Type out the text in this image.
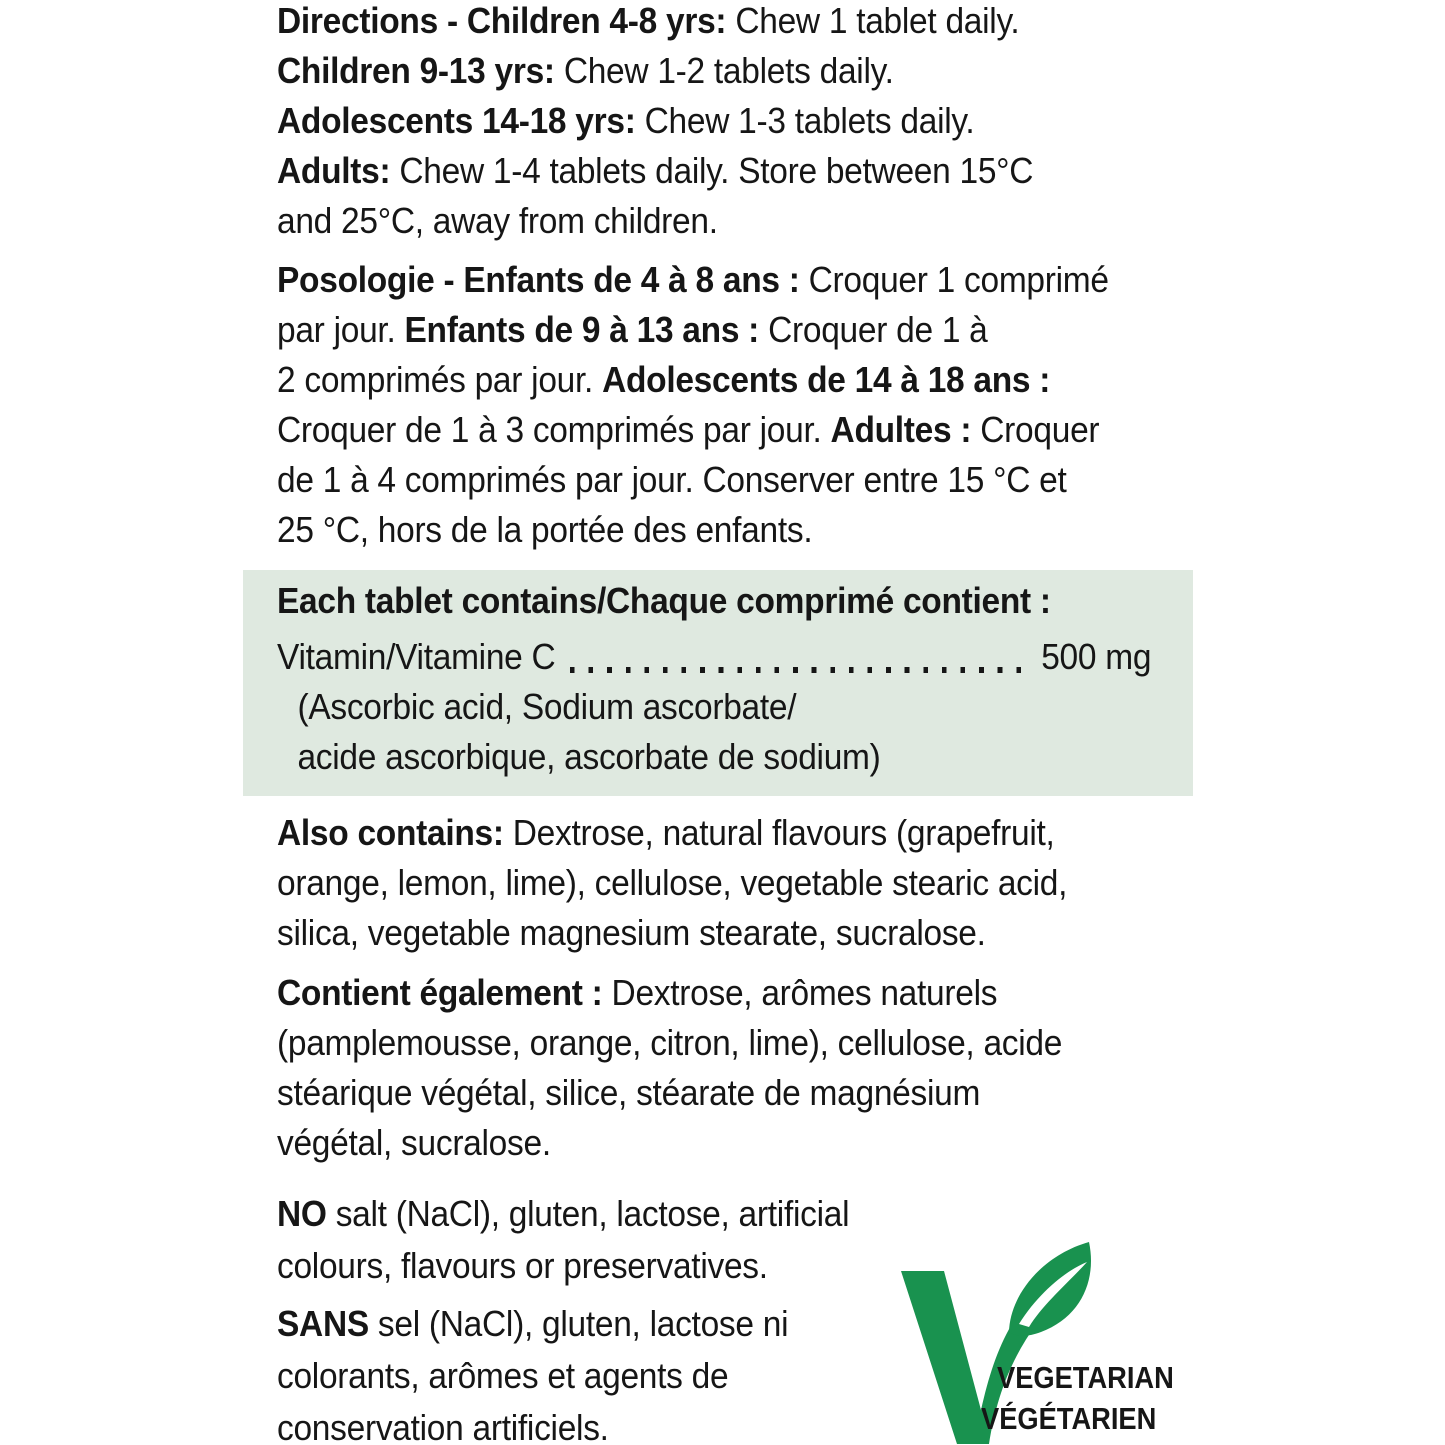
Directions - Children 4-8 yrs: Chew 1 tablet daily.
Children 9-13 yrs: Chew 1-2 tablets daily.
Adolescents 14-18 yrs: Chew 1-3 tablets daily.
Adults: Chew 1-4 tablets daily. Store between 15°C
and 25°C, away from children.
Posologie - Enfants de 4 à 8 ans : Croquer 1 comprimé
par jour. Enfants de 9 à 13 ans : Croquer de 1 à
2 comprimés par jour. Adolescents de 14 à 18 ans :
Croquer de 1 à 3 comprimés par jour. Adultes : Croquer
de 1 à 4 comprimés par jour. Conserver entre 15 °C et
25 °C, hors de la portée des enfants.
Each tablet contains/Chaque comprimé contient :
Vitamin/Vitamine C	500 mg
(Ascorbic acid, Sodium ascorbate/
acide ascorbique, ascorbate de sodium)
Also contains: Dextrose, natural flavours (grapefruit,
orange, lemon, lime), cellulose, vegetable stearic acid,
silica, vegetable magnesium stearate, sucralose.
Contient également : Dextrose, arômes naturels
(pamplemousse, orange, citron, lime), cellulose, acide
stéarique végétal, silice, stéarate de magnésium
végétal, sucralose.
NO salt (NaCl), gluten, lactose, artificial
colours, flavours or preservatives.
SANS sel (NaCl), gluten, lactose ni
colorants, arômes et agents de
conservation artificiels.
VEGETARIAN
VÉGÉTARIEN
